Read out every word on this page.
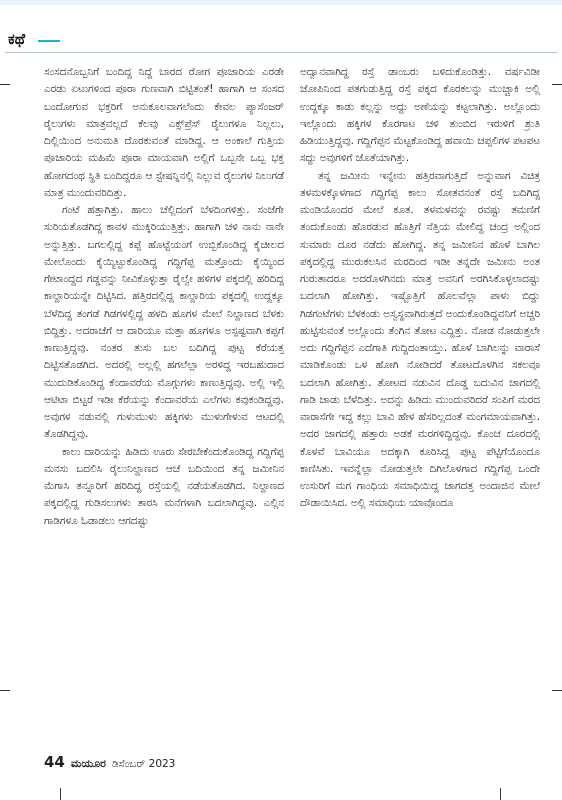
ಕಥೆ

ಸಂಸದನೊಬ್ಬನಿಗೆ ಬಂದಿದ್ದ ನಿದ್ದೆ ಬಾರದ ರೋಗ ಪೂಜಾರಿಯ ಎರಡೇ ಎರಡು ಏಟುಗಳಿಂದ ಪೂರಾ ಗುಣವಾಗಿ ಬಿಟ್ಟಿತಂತೆ! ಹಾಗಾಗಿ ಆ ಸಂಸದ ಬಂದೋಗುವ ಭಕ್ತರಿಗೆ ಅನುಕೂಲವಾಗಲೆಂದು ಕೇವಲ ಪ್ಯಾಸೆಂಜರ್ ರೈಲುಗಳು ಮಾತ್ರವಲ್ಲದೆ ಕೆಲವು ಎಕ್ಸ್‌ಪ್ರೆಸ್ ರೈಲುಗಳೂ ನಿಲ್ಲಲು, ದಿಲ್ಲಿಯಿಂದ ಅನುಮತಿ ದೊರಕುವಂತೆ ಮಾಡಿದ್ದ. ಆ ಅಂಕಾಲೆ ಗುತ್ತಿಯ ಪೂಜಾರಿಯ ಮಹಿಮೆ ಪೂರಾ ಮಾಯವಾಗಿ ಅಲ್ಲಿಗೆ ಒಬ್ಬನೇ ಒಬ್ಬ ಭಕ್ತ ಹೋಗದಂಥ ಸ್ಥಿತಿ ಬಂದಿದ್ದರೂ ಆ ಸ್ಟೇಷನ್ನಿನಲ್ಲಿ ನಿಲ್ಲುವ ರೈಲುಗಳ ನಿಲುಗಡೆ ಮಾತ್ರ ಮುಂದುವರಿದಿತ್ತು.

ಗಂಟೆ ಹತ್ತಾಗಿತ್ತು. ಹಾಲು ಚೆಲ್ಲಿದಂಗೆ ಬೆಳದಿಂಗಳಿತ್ತು. ಸಂಜೆಗೇ ಸುರಿಯತೊಡಗಿದ್ದ ಕಾವಳ ಮುಕ್ಕಿರಿಯುತ್ತಿತ್ತು. ಹಾಗಾಗಿ ಚಳಿ ನಾನು ನಾನೇ ಅನ್ನುತ್ತಿತ್ತು. ಬಗಲಲ್ಲಿದ್ದ ಕಪ್ಪೆ ಹೊಟ್ಟೆಯಂಗೆ ಉಬ್ಬಿಕೊಂಡಿದ್ದ ಕೈಚೀಲದ ಮೇಲೊಂದು ಕೈಯ್ಯಿಟ್ಟುಕೊಂಡಿದ್ದ ಗದ್ದಿಗೆಪ್ಪ ಮತ್ತೊಂದು ಕೈಯ್ಯಿಂದ ಗೇಟಾಂದ್ದದ ಗಡ್ಡವನ್ನು ನೀವಿಕೊಳ್ಳುತ್ತಾ ರೈಲ್ವೇ ಹಳಿಗಳ ಪಕ್ಕದಲ್ಲಿ ಹರಿದಿದ್ದ ಕಾಲ್ದಾರಿಯನ್ನೇ ದಿಟ್ಟಿಸಿದ. ಹತ್ತಿರದಲ್ಲಿದ್ದ ಕಾಲ್ದಾರಿಯ ಪಕ್ಕದಲ್ಲಿ ಉದ್ದಕ್ಕೂ ಬೆಳೆದಿದ್ದ ತಂಗಡೆ ಗಿಡಗಳಲ್ಲಿದ್ದ ಹಳದಿ ಹೂಗಳ ಮೇಲೆ ನಿಲ್ದಾಣದ ಬೆಳಕು ಬಿದ್ದಿತ್ತು. ಅದರಾಚೆಗೆ ಆ ದಾರಿಯೂ ಮತ್ತಾ ಹೂಗಳೂ ಅಸ್ಪಷ್ಟವಾಗಿ ಕಪ್ಪಗೆ ಕಾಣುತ್ತಿದ್ದವು. ನಂತರ ತುಸು ಬಲ ಬದಿಗಿದ್ದ ಪುಟ್ಟ ಕೆರೆಯತ್ತ ದಿಟ್ಟಿಸತೊಡಗಿದ. ಅದರಲ್ಲಿ ಅಲ್ಲಲ್ಲಿ ಹಗಲೆಲ್ಲಾ ಅರಳಿದ್ದ ಇರಬಹುದಾದ ಮುದುಡಿಕೊಂಡಿದ್ದ ಕೆಂದಾವರೆಯ ಮೊಗ್ಗುಗಳು ಕಾಣುತ್ತಿದ್ದವು. ಅಲ್ಲಿ ಇಲ್ಲಿ ಆಟಿಟಾ ಬಿಟ್ಟರೆ ಇಡೀ ಕೆರೆಯನ್ನು ಕೆಂದಾವರೆಯ ಎಲೆಗಳು ಕವುಕಂಡಿದ್ದವು. ಅವುಗಳ ನಡುವಲ್ಲಿ ಗುಳುಮುಳು ಹಕ್ಕಿಗಳು ಮುಳುಗೇಳುವ ಆಟದಲ್ಲಿ ತೊಡಗಿದ್ದವು.

ಕಾಲು ದಾರಿಯನ್ನು ಹಿಡಿದು ಊರು ಸೇರಬೇಕೆಂದುಕೊಂಡಿದ್ದ ಗದ್ದಿಗೆಪ್ಪ ಮನಸು ಬದಲಿಸಿ ರೈಲುನಿಲ್ದಾಣದ ಆಚೆ ಬದಿಯಿಂದ ತನ್ನ ಜಮೀನಿನ ಮೆಗಾಸಿ ತನ್ನೂರಿಗೆ ಹರಿದಿದ್ದ ರಸ್ತೆಯಲ್ಲಿ ನಡೆಯತೊಡಗಿದ. ನಿಲ್ದಾಣದ ಪಕ್ಕದಲ್ಲಿದ್ದ ಗುಡಿಸಲುಗಳು ತಾರಸಿ ಮನೆಗಳಾಗಿ ಬದಲಾಗಿದ್ದವು. ಎಲ್ಲಿನ ಗಾಡಿಗಳೂ ಓಡಾಡಲು ಆಗದಷ್ಟು

ಅದ್ವಾನವಾಗಿದ್ದ ರಸ್ತೆ ಡಾಂಬರು ಬಳಿದುಕೊಂಡಿತ್ತು. ವರ್ಷವಿಡೀ ಜೋಪಿನಿಂದ ಪತಗುಡುತ್ತಿದ್ದ ರಸ್ತೆ ಪಕ್ಕದ ಕೊರಕಲನ್ನು ಮುಚ್ಚಾಕಿ ಅಲ್ಲಿ ಉದ್ದಕ್ಕೂ ಕಾಡು ಕಲ್ಲನ್ನು ಅದ್ದು ಅಣೆಯನ್ನು ಕಟ್ಟಲಾಗಿತ್ತು. ಅಲ್ಲೊಂದು ಇಲ್ಲೊಂದು ಹಕ್ಕಿಗಳ ಕೊರಗಾಟ ಚಳಿ ತುಂಬಿದ ಇರುಳಿಗೆ ಶ್ರುತಿ ಹಿಡಿಯುತ್ತಿದ್ದವು. ಗದ್ದಿಗೆಪ್ಪನ ಮೆಟ್ಟಕೊಂಡಿದ್ದ ಹವಾಯಿ ಚಪ್ಪಲಿಗಳ ಪಟಪಟ ಸದ್ದು ಅವುಗಳಿಗೆ ಜೊತೆಯಾಗಿತ್ತು.

ತನ್ನ ಜಮೀನು ಇನ್ನೇನು ಹತ್ತಿರವಾಗುತ್ತಿದೆ ಅನ್ನುವಾಗ ವಿಚಿತ್ರ ತಳಮಳಕ್ಕೊಳಗಾದ ಗದ್ದಿಗೆಪ್ಪ ಕಾಲು ಸೋತವನಂತೆ ರಸ್ತೆ ಬದಿಗಿದ್ದ ಮಂಡಿಯೊಂದರ ಮೇಲೆ ಕೂತ. ತಳಮಳವನ್ನು ರವಷ್ಟು ತಮಣಿಗೆ ತಂದುಕೊಂಡು ಹೊರಡುವ ಹೊತ್ತಿಗೆ ನೆತ್ತಿಯ ಮೇಲಿದ್ದ ಚಂದ್ರ ಅಲ್ಲಿಂದ ಸುಮಾರು ದೂರ ನಡೆದು ಹೋಗಿದ್ದ. ತನ್ನ ಜಮೀನಿನ ಹೊಳೆ ಬಾಗಿಲ ಪಕ್ಕದಲ್ಲಿದ್ದ ಮುರುಕಲಸಿನ ಮರದಿಂದ ಇಡೀ ತನ್ನದೇ ಜಮೀನು ಅಂತ ಗುರುತಾದರೂ ಅದರೊಳಗಿನದು ಮಾತ್ರ ಅವನಿಗೆ ಅರಗಿಸಿಕೊಳ್ಳಲಾದಷ್ಟು ಬದಲಾಗಿ ಹೋಗಿತ್ತು. ಇಷ್ಟೊತ್ತಿಗೆ ಹೊಲವೆಲ್ಲಾ ಪಾಳು ಬಿದ್ದು ಗಿಡಗಂಟೆಗಳು ಬೆಳಕಂಡು ಅಸ್ವಸ್ಥವಾಗಿರುತ್ತದೆ ಅಂದುಕೊಂಡಿದ್ದವನಿಗೆ ಅಚ್ಚರಿ ಹುಟ್ಟಿಸುವಂತೆ ಅಲ್ಲೊಂದು ತೆಂಗಿನ ತೋಟ ಎದ್ದಿತ್ತು. ನೋಡ ನೋಡುತ್ತಲೇ ಅದು ಗದ್ದಿಗೆಪ್ಪನ ಎದೆಗಾತಿ ಗುದ್ದಿದಂತಾಯ್ತು. ಹೊಳೆ ಬಾಗಿಲನ್ನು ವಾರಾಸೆ ಮಾಡಿಕೊಂಡು ಒಳ ಹೋಗಿ ನೋಡಿದರೆ ತೋಟದೊಳಗಿನ ಸಕಲವೂ ಬದಲಾಗಿ ಹೋಗಿತ್ತು. ತೋಟದ ನಡುವಿನ ದೊಡ್ಡ ಬದುವಿನ ಜಾಗದಲ್ಲಿ ಗಾಡಿ ಜಾಡು ಬೆಳೆದಿತ್ತು. ಅದನ್ನು ಹಿಡಿದು ಮುಂದುವರಿದರೆ ಸಂಪಿಗೆ ಮರದ ವಾರಾಸೆಗೇ ಇದ್ದ ಕಲ್ಲು ಬಾವಿ ಹೇಳ ಹೆಸರಿಲ್ಲದಂತೆ ಮಂಗಮಾಯವಾಗಿತ್ತು. ಅದರ ಜಾಗದಲ್ಲಿ ಹತ್ತಾರು ಅಡಕೆ ಮರಗಳಿದ್ದಿದ್ದವು. ಕೊಂಚ ದೂರದಲ್ಲಿ ಕೊಳವೆ ಬಾವಿಯೂ ಅದಕ್ಕಾಗಿ ಕೂರಿಸಿದ್ದ ಪುಟ್ಟ ಪೆಟ್ಟಿಗೆಯೊಂದೂ ಕಾಣಿಸಿತು. ಇವನ್ನೆಲ್ಲಾ ನೋಡುತ್ತಲೇ ದಿಗಿಲೊಳಗಾದ ಗದ್ದಿಗೆಪ್ಪ ಒಂದೇ ಉಸುರಿಗೆ ಮಗ ಗಾಂಧಿಯ ಸಮಾಧಿಯಿದ್ದ ಜಾಗದತ್ತ ಅಂದಾಜಿನ ಮೇಲೆ ದೌಡಾಯಿಸಿದ. ಅಲ್ಲಿ ಸಮಾಧಿಯ ಯಾವೊಂದೂ

44 ಮಯೂರ ಡಿಸೆಂಬರ್ 2023
